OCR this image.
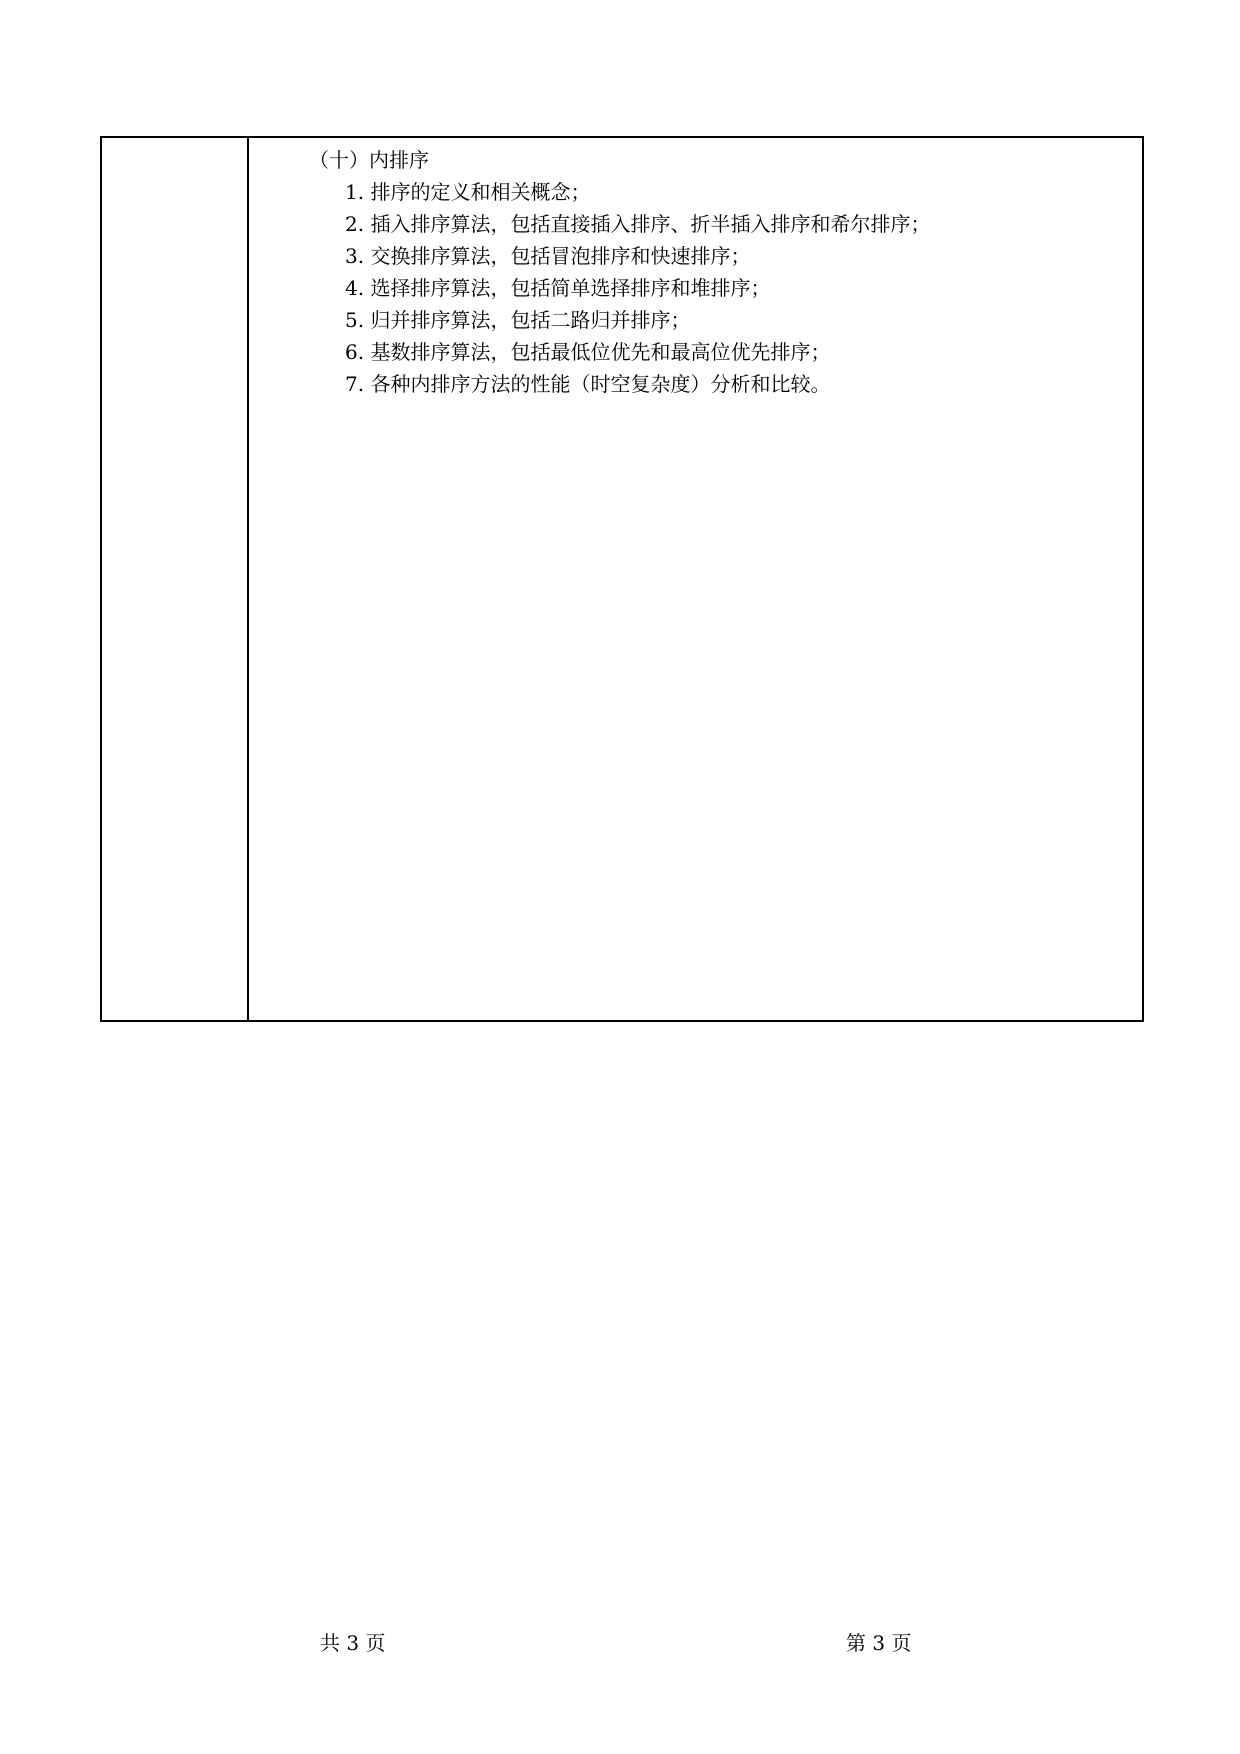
（十）内排序
1. 排序的定义和相关概念；
2. 插入排序算法，包括直接插入排序、折半插入排序和希尔排序；
3. 交换排序算法，包括冒泡排序和快速排序；
4. 选择排序算法，包括简单选择排序和堆排序；
5. 归并排序算法，包括二路归并排序；
6. 基数排序算法，包括最低位优先和最高位优先排序；
7. 各种内排序方法的性能（时空复杂度）分析和比较。
共 3 页	第 3 页
